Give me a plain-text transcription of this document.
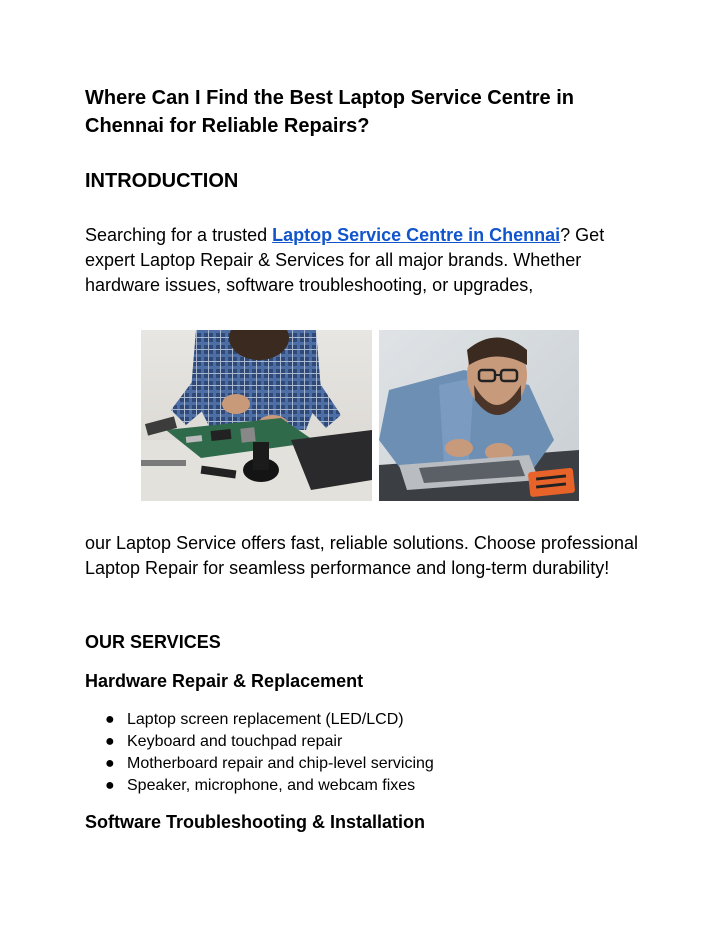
Where Can I Find the Best Laptop Service Centre in Chennai for Reliable Repairs?
INTRODUCTION

Searching for a trusted Laptop Service Centre in Chennai? Get expert Laptop Repair & Services for all major brands. Whether hardware issues, software troubleshooting, or upgrades,

our Laptop Service offers fast, reliable solutions. Choose professional Laptop Repair for seamless performance and long-term durability!

OUR SERVICES
Hardware Repair & Replacement
● Laptop screen replacement (LED/LCD)
● Keyboard and touchpad repair
● Motherboard repair and chip-level servicing
● Speaker, microphone, and webcam fixes
Software Troubleshooting & Installation
